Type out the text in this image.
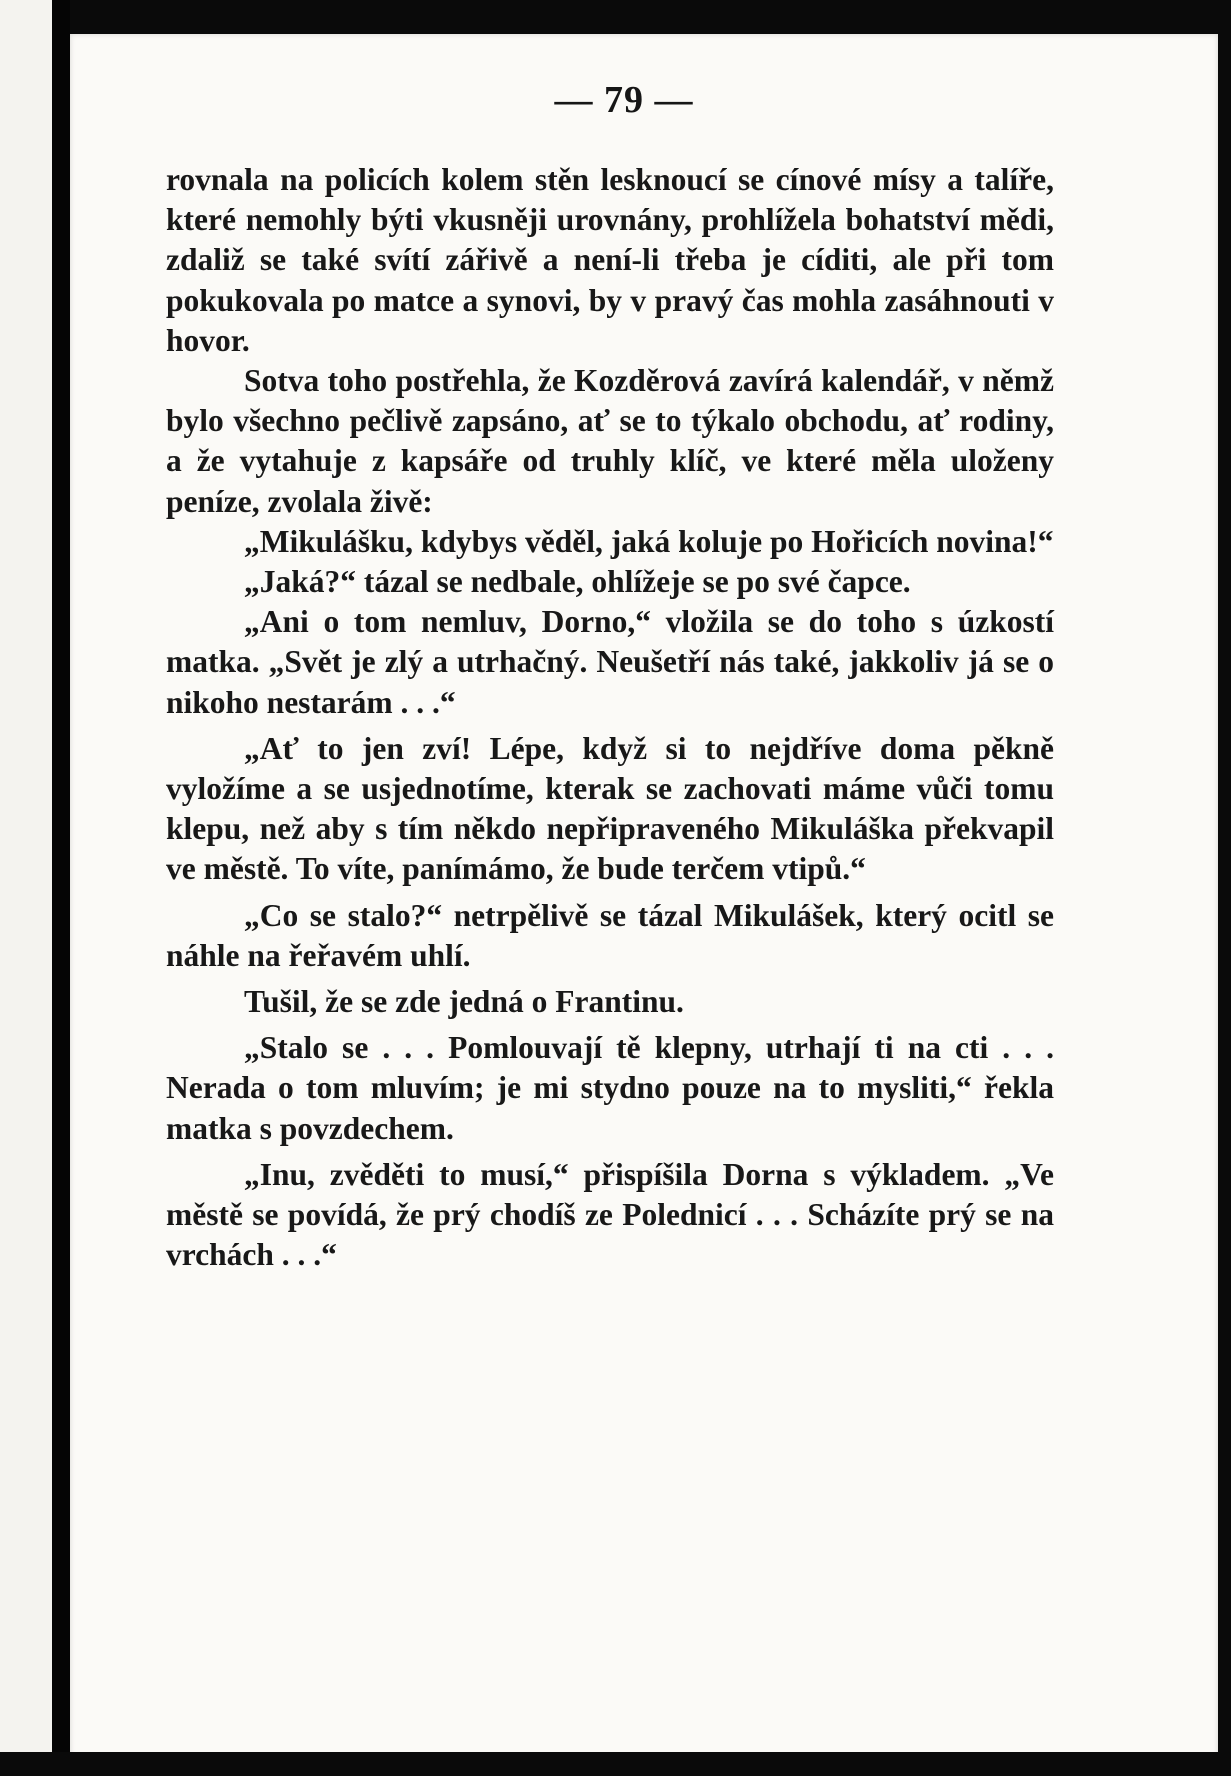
— 79 —

rovnala na policích kolem stěn lesknoucí se cínové mísy a talíře, které nemohly býti vkusněji urovnány, prohlížela bohatství mědi, zdaliž se také svítí zářivě a není-li třeba je cíditi, ale při tom pokukovala po matce a synovi, by v pravý čas mohla zasáhnouti v hovor.

Sotva toho postřehla, že Kozděrová zavírá kalendář, v němž bylo všechno pečlivě zapsáno, ať se to týkalo obchodu, ať rodiny, a že vytahuje z kapsáře od truhly klíč, ve které měla uloženy peníze, zvolala živě:

„Mikulášku, kdybys věděl, jaká koluje po Hořicích novina!“

„Jaká?“ tázal se nedbale, ohlížeje se po své čapce.

„Ani o tom nemluv, Dorno,“ vložila se do toho s úzkostí matka. „Svět je zlý a utrhačný. Neušetří nás také, jakkoliv já se o nikoho nestarám . . .“

„Ať to jen zví! Lépe, když si to nejdříve doma pěkně vyložíme a se usjednotíme, kterak se zachovati máme vůči tomu klepu, než aby s tím někdo nepřipraveného Mikuláška překvapil ve městě. To víte, panímámo, že bude terčem vtipů.“

„Co se stalo?“ netrpělivě se tázal Mikulášek, který ocitl se náhle na řeřavém uhlí.

Tušil, že se zde jedná o Frantinu.

„Stalo se . . . Pomlouvají tě klepny, utrhají ti na cti . . . Nerada o tom mluvím; je mi stydno pouze na to mysliti,“ řekla matka s povzdechem.

„Inu, zvěděti to musí,“ přispíšila Dorna s výkladem. „Ve městě se povídá, že prý chodíš ze Polednicí . . . Scházíte prý se na vrchách . . .“
